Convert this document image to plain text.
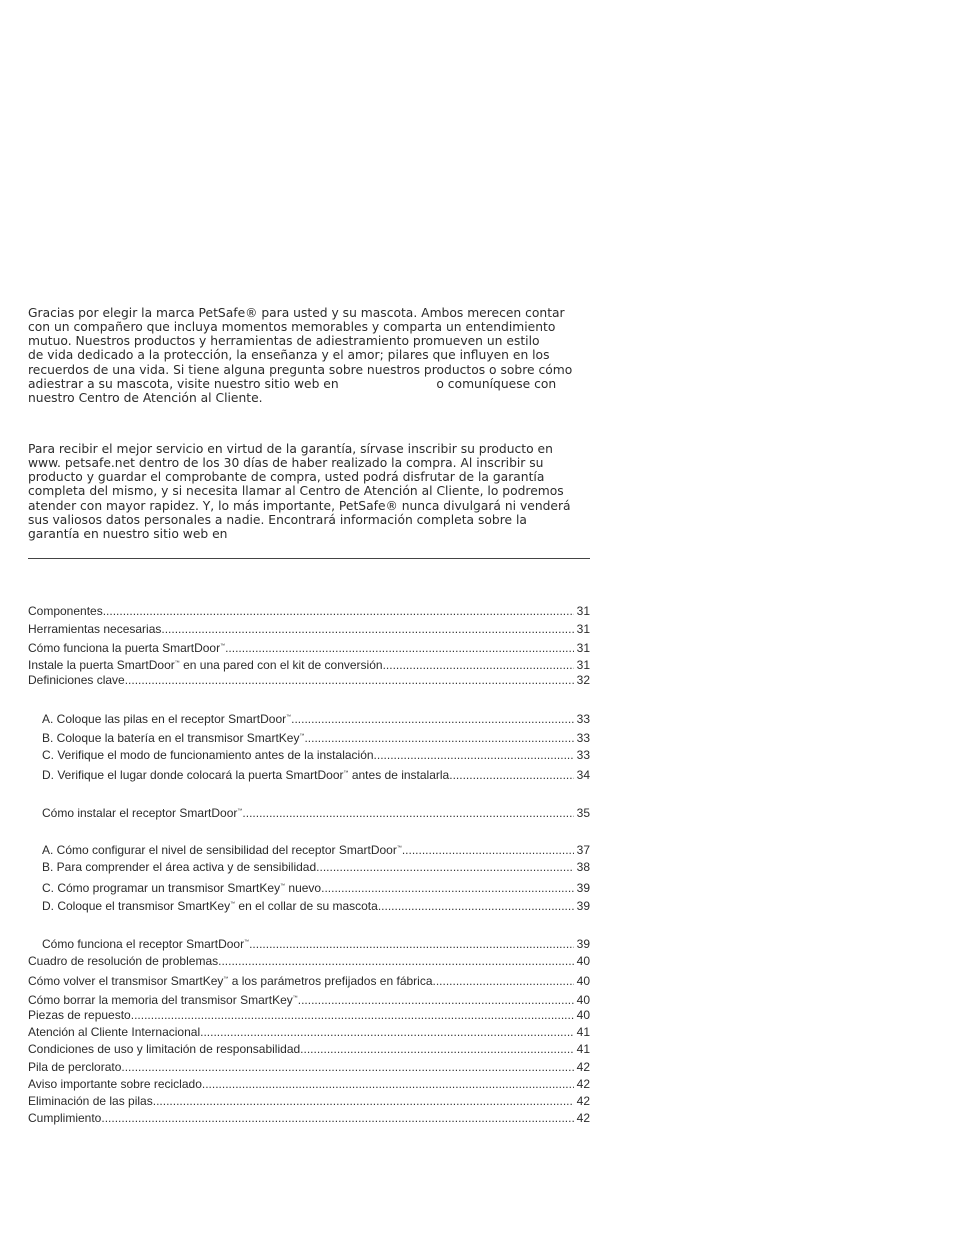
Gracias por elegir la marca PetSafe® para usted y su mascota. Ambos merecen contar
con un compañero que incluya momentos memorables y comparta un entendimiento
mutuo. Nuestros productos y herramientas de adiestramiento promueven un estilo
de vida dedicado a la protección, la enseñanza y el amor; pilares que influyen en los
recuerdos de una vida. Si tiene alguna pregunta sobre nuestros productos o sobre cómo
adiestrar a su mascota, visite nuestro sitio web en                         o comuníquese con
nuestro Centro de Atención al Cliente.
Para recibir el mejor servicio en virtud de la garantía, sírvase inscribir su producto en
www. petsafe.net dentro de los 30 días de haber realizado la compra. Al inscribir su
producto y guardar el comprobante de compra, usted podrá disfrutar de la garantía
completa del mismo, y si necesita llamar al Centro de Atención al Cliente, lo podremos
atender con mayor rapidez. Y, lo más importante, PetSafe® nunca divulgará ni venderá
sus valiosos datos personales a nadie. Encontrará información completa sobre la
garantía en nuestro sitio web en
Componentes .....	31
Herramientas necesarias .....	31
Cómo funciona la puerta SmartDoor™ .....	31
Instale la puerta SmartDoor™ en una pared con el kit de conversión .....	31
Definiciones clave .....	32
A. Coloque las pilas en el receptor SmartDoor™ .....	33
B. Coloque la batería en el transmisor SmartKey™ .....	33
C. Verifique el modo de funcionamiento antes de la instalación .....	33
D. Verifique el lugar donde colocará la puerta SmartDoor™ antes de instalarla .....	34
Cómo instalar el receptor SmartDoor™ .....	35
A. Cómo configurar el nivel de sensibilidad del receptor SmartDoor™ .....	37
B. Para comprender el área activa y de sensibilidad .....	38
C. Cómo programar un transmisor SmartKey™ nuevo .....	39
D. Coloque el transmisor SmartKey™ en el collar de su mascota .....	39
Cómo funciona el receptor SmartDoor™ .....	39
Cuadro de resolución de problemas .....	40
Cómo volver el transmisor SmartKey™ a los parámetros prefijados en fábrica .....	40
Cómo borrar la memoria del transmisor SmartKey™ .....	40
Piezas de repuesto .....	40
Atención al Cliente Internacional .....	41
Condiciones de uso y limitación de responsabilidad .....	41
Pila de perclorato .....	42
Aviso importante sobre reciclado .....	42
Eliminación de las pilas .....	42
Cumplimiento .....	42
